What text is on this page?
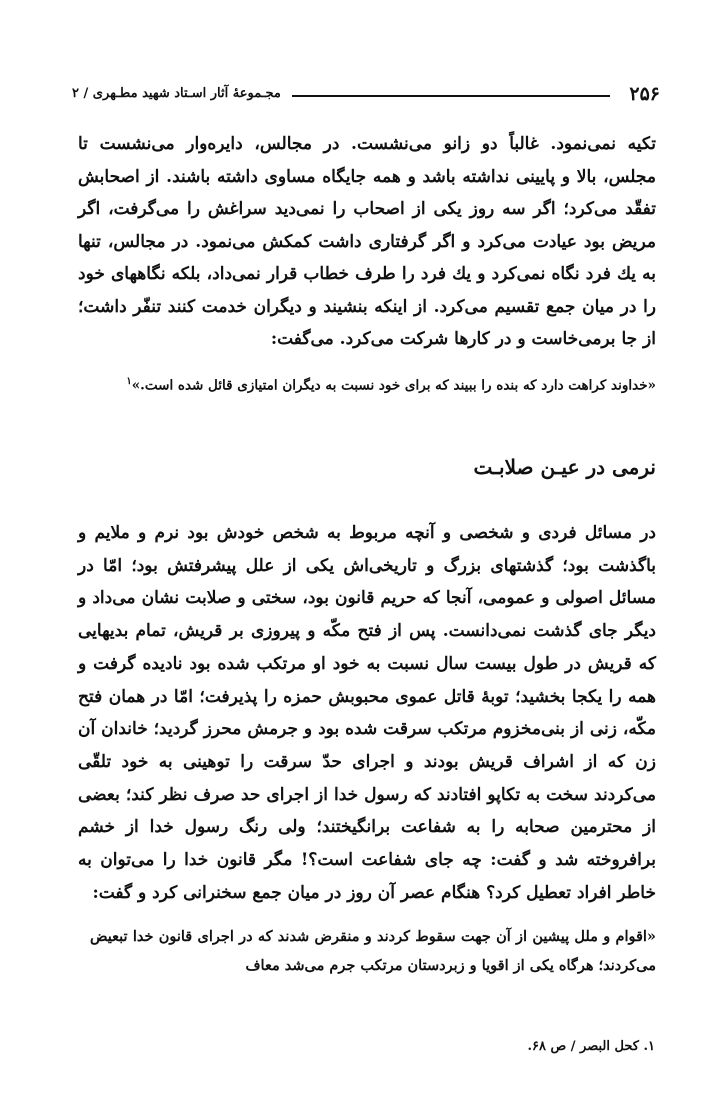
۲۵۶
مجـموعهٔ آثار اسـتاد شهید مطـهری / ۲

تکیه نمی‌نمود. غالباً دو زانو می‌نشست. در مجالس، دایره‌وار می‌نشست تا مجلس، بالا و پایینی نداشته باشد و همه جایگاه مساوی داشته باشند. از اصحابش تفقّد می‌کرد؛ اگر سه روز یکی از اصحاب را نمی‌دید سراغش را می‌گرفت، اگر مریض بود عیادت می‌کرد و اگر گرفتاری داشت کمکش می‌نمود. در مجالس، تنها به یك فرد نگاه نمی‌کرد و یك فرد را طرف خطاب قرار نمی‌داد، بلکه نگاههای خود را در میان جمع تقسیم می‌کرد. از اینکه بنشیند و دیگران خدمت کنند تنفّر داشت؛ از جا برمی‌خاست و در کارها شرکت می‌کرد. می‌گفت:

«خداوند کراهت دارد که بنده را ببیند که برای خود نسبت به دیگران امتیازی قائل شده است.»$^۱$

نرمی در عیـن صلابـت

در مسائل فردی و شخصی و آنچه مربوط به شخص خودش بود نرم و ملایم و باگذشت بود؛ گذشتهای بزرگ و تاریخی‌اش یکی از علل پیشرفتش بود؛ امّا در مسائل اصولی و عمومی، آنجا که حریم قانون بود، سختی و صلابت نشان می‌داد و دیگر جای گذشت نمی‌دانست. پس از فتح مکّه و پیروزی بر قریش، تمام بدیهایی که قریش در طول بیست سال نسبت به خود او مرتکب شده بود نادیده گرفت و همه را یکجا بخشید؛ توبهٔ قاتل عموی محبوبش حمزه را پذیرفت؛ امّا در همان فتح مکّه، زنی از بنی‌مخزوم مرتکب سرقت شده بود و جرمش محرز گردید؛ خاندان آن زن که از اشراف قریش بودند و اجرای حدّ سرقت را توهینی به خود تلقّی می‌کردند سخت به تکاپو افتادند که رسول خدا از اجرای حد صرف نظر کند؛ بعضی از محترمین صحابه را به شفاعت برانگیختند؛ ولی رنگ رسول خدا از خشم برافروخته شد و گفت: چه جای شفاعت است؟! مگر قانون خدا را می‌توان به خاطر افراد تعطیل کرد؟ هنگام عصر آن روز در میان جمع سخنرانی کرد و گفت:

«اقوام و ملل پیشین از آن جهت سقوط کردند و منقرض شدند که در اجرای قانون خدا تبعیض می‌کردند؛ هرگاه یکی از اقویا و زبردستان مرتکب جرم می‌شد معاف

۱. کحل البصر / ص ۶۸.
